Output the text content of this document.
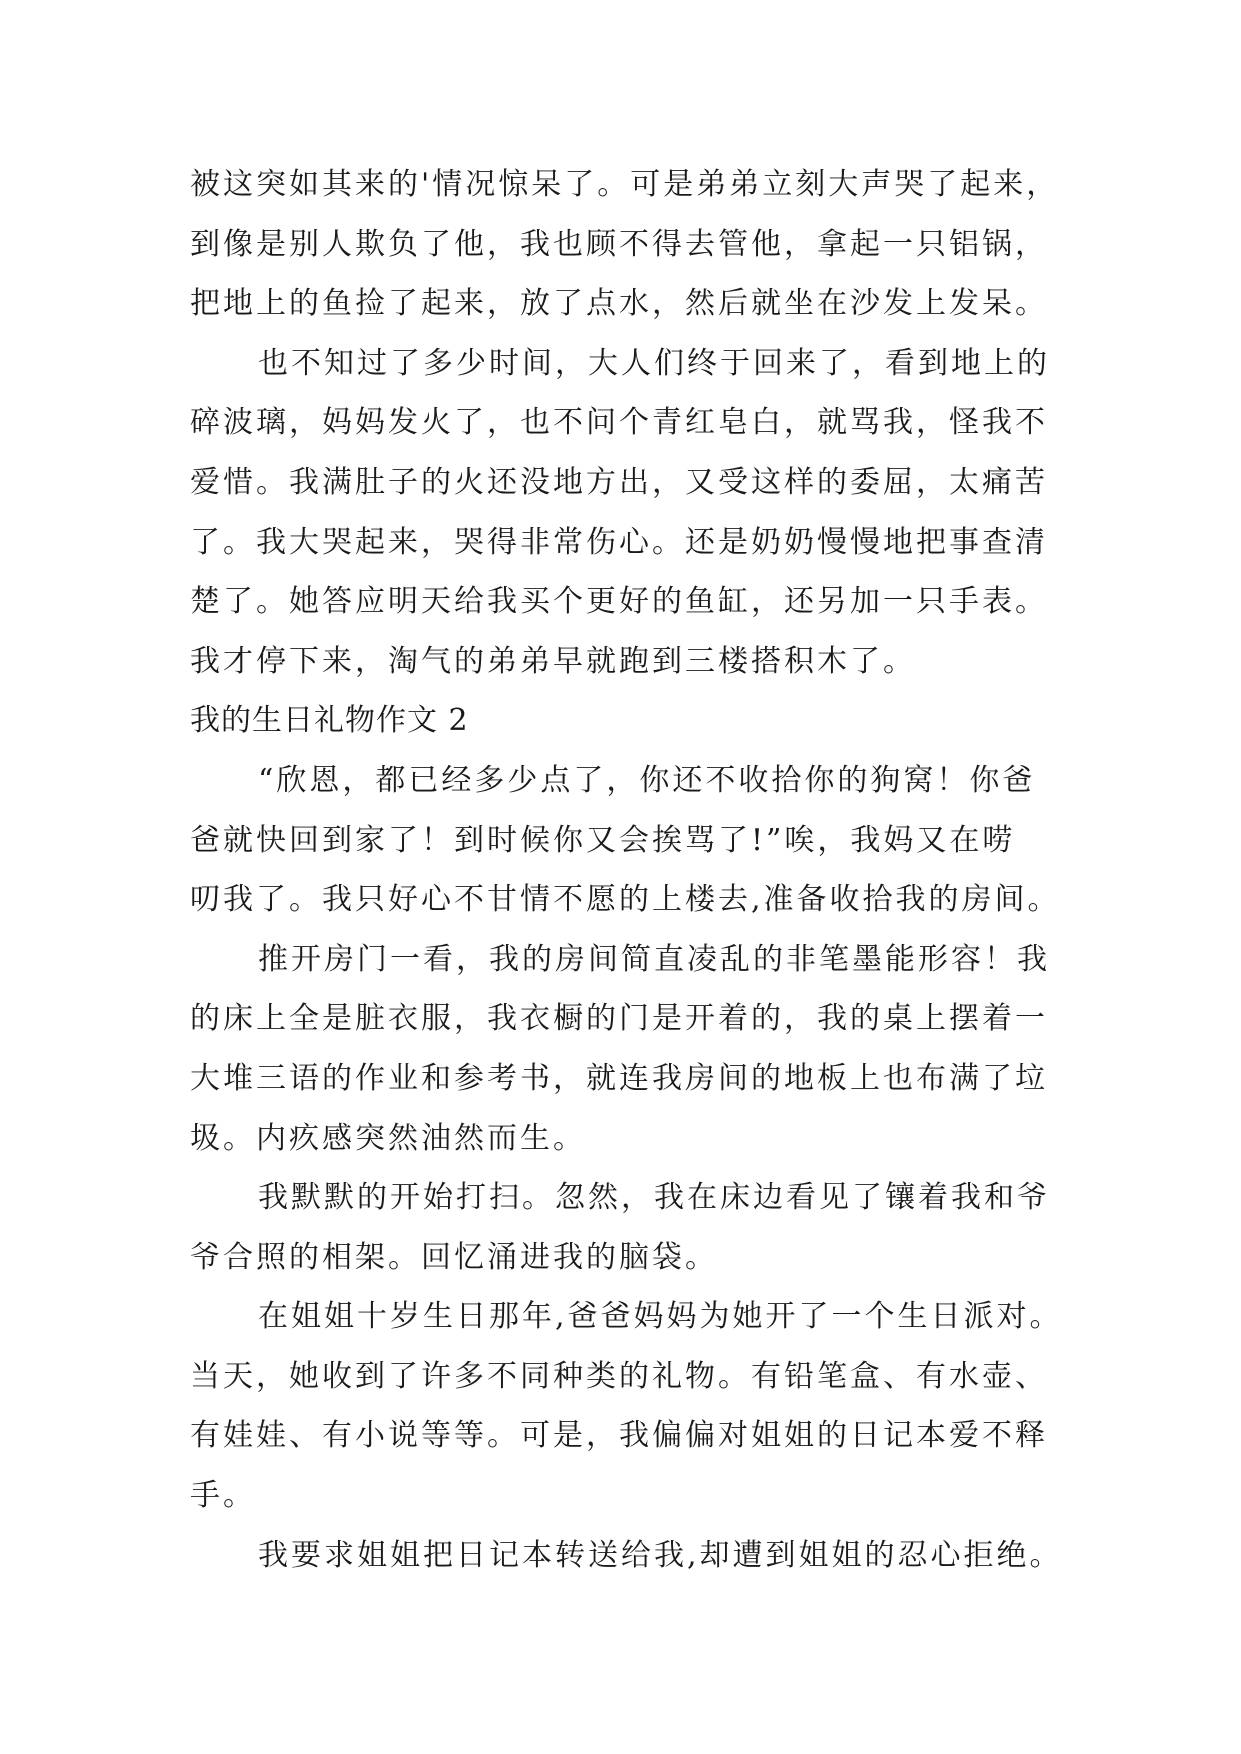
被这突如其来的'情况惊呆了。可是弟弟立刻大声哭了起来，
到像是别人欺负了他，我也顾不得去管他，拿起一只铝锅，
把地上的鱼捡了起来，放了点水，然后就坐在沙发上发呆。
也不知过了多少时间，大人们终于回来了，看到地上的
碎波璃，妈妈发火了，也不问个青红皂白，就骂我，怪我不
爱惜。我满肚子的火还没地方出，又受这样的委屈，太痛苦
了。我大哭起来，哭得非常伤心。还是奶奶慢慢地把事查清
楚了。她答应明天给我买个更好的鱼缸，还另加一只手表。
我才停下来，淘气的弟弟早就跑到三楼搭积木了。
我的生日礼物作文 2
“欣恩，都已经多少点了，你还不收拾你的狗窝！你爸
爸就快回到家了！到时候你又会挨骂了!”唉，我妈又在唠
叨我了。我只好心不甘情不愿的上楼去,准备收拾我的房间。
推开房门一看，我的房间简直凌乱的非笔墨能形容！我
的床上全是脏衣服，我衣橱的门是开着的，我的桌上摆着一
大堆三语的作业和参考书，就连我房间的地板上也布满了垃
圾。内疚感突然油然而生。
我默默的开始打扫。忽然，我在床边看见了镶着我和爷
爷合照的相架。回忆涌进我的脑袋。
在姐姐十岁生日那年,爸爸妈妈为她开了一个生日派对。
当天，她收到了许多不同种类的礼物。有铅笔盒、有水壶、
有娃娃、有小说等等。可是，我偏偏对姐姐的日记本爱不释
手。
我要求姐姐把日记本转送给我,却遭到姐姐的忍心拒绝。
